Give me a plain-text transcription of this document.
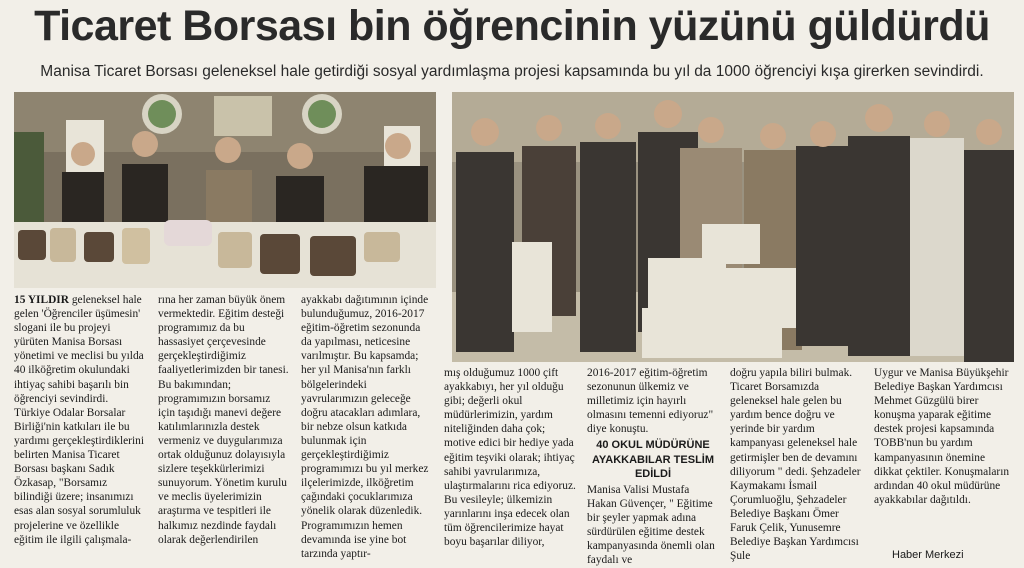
Ticaret Borsası bin öğrencinin yüzünü güldürdü
Manisa Ticaret Borsası geleneksel hale getirdiği sosyal yardımlaşma projesi kapsamında bu yıl da 1000 öğrenciyi kışa girerken sevindirdi.

15 YILDIR geleneksel hale gelen 'Öğrenciler üşümesin' slogani ile bu projeyi yürüten Manisa Borsası yönetimi ve meclisi bu yılda 40 ilköğretim okulundaki ihtiyaç sahibi başarılı bin öğrenciyi sevindirdi. Türkiye Odalar Borsalar Birliği'nin katkıları ile bu yardımı gerçekleştirdiklerini belirten Manisa Ticaret Borsası başkanı Sadık Özkasap, "Borsamız bilindiği üzere; insanımızı esas alan sosyal sorumluluk projelerine ve özellikle eğitim ile ilgili çalışmala-

rına her zaman büyük önem vermektedir. Eğitim desteği programımız da bu hassasiyet çerçevesinde gerçekleştirdiğimiz faaliyetlerimizden bir tanesi. Bu bakımından; programımızın borsamız için taşıdığı manevi değere katılımlarınızla destek vermeniz ve duygularımıza ortak olduğunuz dolayısıyla sizlere teşekkürlerimizi sunuyorum. Yönetim kurulu ve meclis üyelerimizin araştırma ve tespitleri ile halkımız nezdinde faydalı olarak değerlendirilen

ayakkabı dağıtımının içinde bulunduğumuz, 2016-2017 eğitim-öğretim sezonunda da yapılması, neticesine varılmıştır. Bu kapsamda; her yıl Manisa'nın farklı bölgelerindeki yavrularımızın geleceğe doğru atacakları adımlara, bir nebze olsun katkıda bulunmak için gerçekleştirdiğimiz programımızı bu yıl merkez ilçelerimizde, ilköğretim çağındaki çocuklarımıza yönelik olarak düzenledik. Programımızın hemen devamında ise yine bot tarzında yaptır-

mış olduğumuz 1000 çift ayakkabıyı, her yıl olduğu gibi; değerli okul müdürlerimizin, yardım niteliğinden daha çok; motive edici bir hediye yada eğitim teşviki olarak; ihtiyaç sahibi yavrularımıza, ulaştırmalarını rica ediyoruz. Bu vesileyle; ülkemizin yarınlarını inşa edecek olan tüm öğrencilerimize hayat boyu başarılar diliyor,

2016-2017 eğitim-öğretim sezonunun ülkemiz ve milletimiz için hayırlı olmasını temenni ediyoruz" diye konuştu.

40 OKUL MÜDÜRÜNE AYAKKABILAR TESLİM EDİLDİ

Manisa Valisi Mustafa Hakan Güvençer, " Eğitime bir şeyler yapmak adına sürdürülen eğitime destek kampanyasında önemli olan faydalı ve

doğru yapıla biliri bulmak. Ticaret Borsamızda geleneksel hale gelen bu yardım bence doğru ve yerinde bir yardım kampanyası geleneksel hale getirmişler ben de devamını diliyorum " dedi. Şehzadeler Kaymakamı İsmail Çorumluoğlu, Şehzadeler Belediye Başkanı Ömer Faruk Çelik, Yunusemre Belediye Başkan Yardımcısı Şule

Uygur ve Manisa Büyükşehir Belediye Başkan Yardımcısı Mehmet Güzgülü birer konuşma yaparak eğitime destek projesi kapsamında TOBB'nun bu yardım kampanyasının önemine dikkat çektiler. Konuşmaların ardından 40 okul müdürüne ayakkabılar dağıtıldı.

Haber Merkezi
